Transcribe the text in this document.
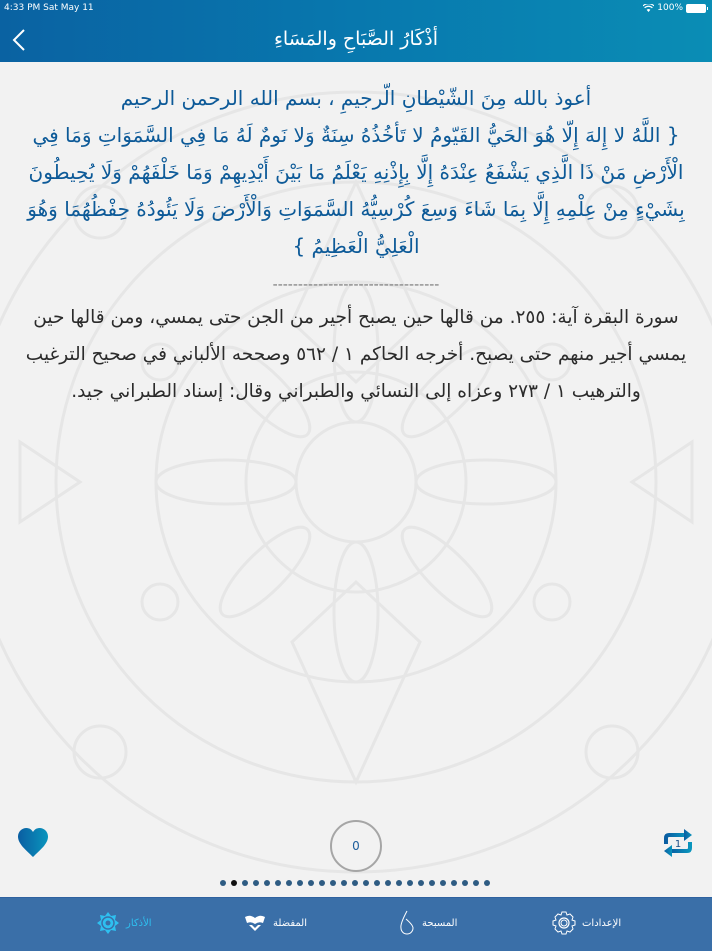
4:33 PM Sat May 11	100%
أذْكَارُ الصَّبَاحِ والمَسَاءِ

أعوذ بالله مِنَ الشّيْطانِ الّرجيمِ ، بسم الله الرحمن الرحيم

{ اللَّهُ لا إِلهَ إِلّا هُوَ الحَيُّ القَيّومُ لا تَأخُذُهُ سِنَةٌ وَلا نَومٌ لَهُ مَا فِي السَّمَوَاتِ وَمَا فِي الْأَرْضِ مَنْ ذَا الَّذِي يَشْفَعُ عِنْدَهُ إِلَّا بِإِذْنِهِ يَعْلَمُ مَا بَيْنَ أَيْدِيهِمْ وَمَا خَلْفَهُمْ وَلَا يُحِيطُونَ بِشَيْءٍ مِنْ عِلْمِهِ إِلَّا بِمَا شَاءَ وَسِعَ كُرْسِيُّهُ السَّمَوَاتِ وَالْأَرْضَ وَلَا يَئُودُهُ حِفْظُهُمَا وَهُوَ الْعَلِيُّ الْعَظِيمُ }

---------------------------------

سورة البقرة آية: ٢٥٥. من قالها حين يصبح أجير من الجن حتى يمسي، ومن قالها حين يمسي أجير منهم حتى يصبح. أخرجه الحاكم ١ / ٥٦٢ وصححه الألباني في صحيح الترغيب والترهيب ١ / ٢٧٣ وعزاه إلى النسائي والطبراني وقال: إسناد الطبراني جيد.

0	1
الأذكار	المفضلة	المسبحة	الإعدادات
